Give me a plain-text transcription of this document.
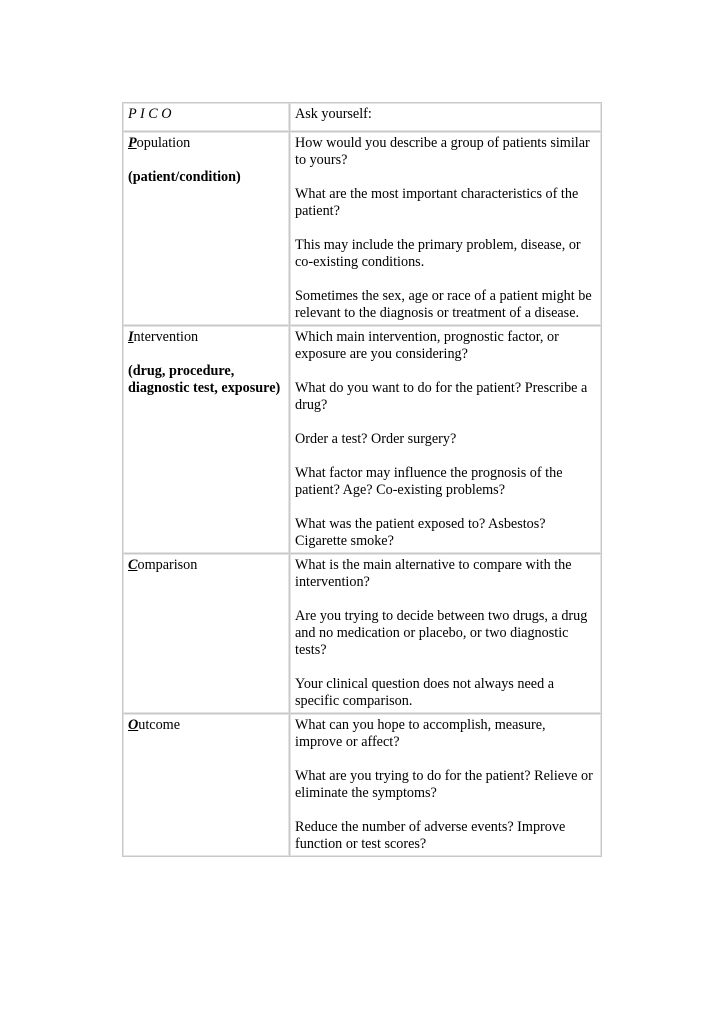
P I C O	Ask yourself:

Population
(patient/condition)	How would you describe a group of patients similar to yours?
What are the most important characteristics of the patient?
This may include the primary problem, disease, or co-existing conditions.
Sometimes the sex, age or race of a patient might be relevant to the diagnosis or treatment of a disease.

Intervention
(drug, procedure, diagnostic test, exposure)	Which main intervention, prognostic factor, or exposure are you considering?
What do you want to do for the patient? Prescribe a drug?
Order a test? Order surgery?
What factor may influence the prognosis of the patient? Age? Co-existing problems?
What was the patient exposed to? Asbestos? Cigarette smoke?

Comparison	What is the main alternative to compare with the intervention?
Are you trying to decide between two drugs, a drug and no medication or placebo, or two diagnostic tests?
Your clinical question does not always need a specific comparison.

Outcome	What can you hope to accomplish, measure, improve or affect?
What are you trying to do for the patient? Relieve or eliminate the symptoms?
Reduce the number of adverse events? Improve function or test scores?
